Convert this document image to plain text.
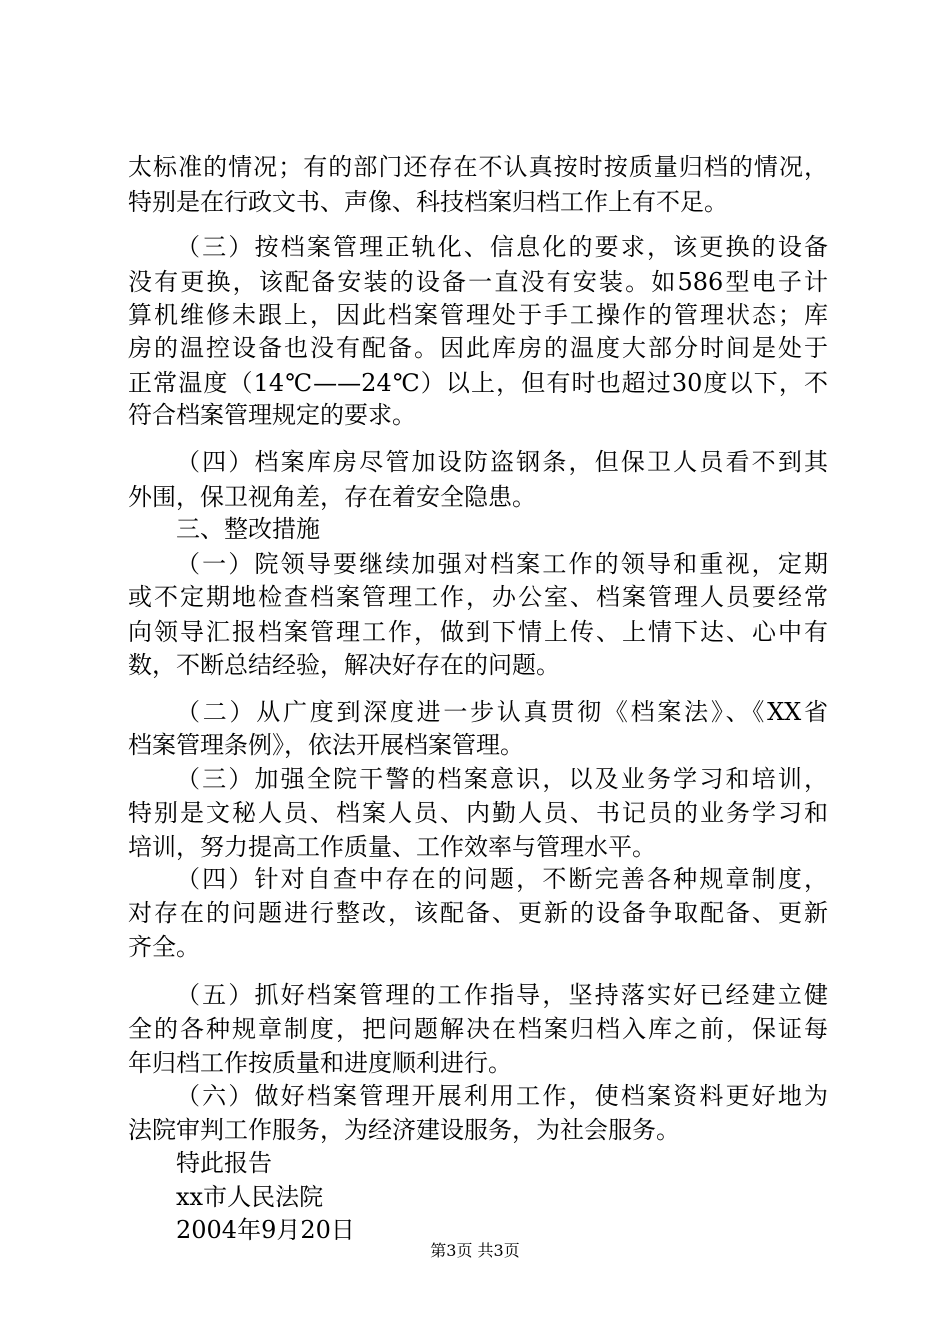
太标准的情况；有的部门还存在不认真按时按质量归档的情况，
特别是在行政文书、声像、科技档案归档工作上有不足。
（三）按档案管理正轨化、信息化的要求，该更换的设备
没有更换，该配备安装的设备一直没有安装。如586型电子计
算机维修未跟上，因此档案管理处于手工操作的管理状态；库
房的温控设备也没有配备。因此库房的温度大部分时间是处于
正常温度（14℃——24℃）以上，但有时也超过30度以下，不
符合档案管理规定的要求。
（四）档案库房尽管加设防盗钢条，但保卫人员看不到其
外围，保卫视角差，存在着安全隐患。
三、整改措施
（一）院领导要继续加强对档案工作的领导和重视，定期
或不定期地检查档案管理工作，办公室、档案管理人员要经常
向领导汇报档案管理工作，做到下情上传、上情下达、心中有
数，不断总结经验，解决好存在的问题。
（二）从广度到深度进一步认真贯彻《档案法》、《XX省
档案管理条例》，依法开展档案管理。
（三）加强全院干警的档案意识，以及业务学习和培训，
特别是文秘人员、档案人员、内勤人员、书记员的业务学习和
培训，努力提高工作质量、工作效率与管理水平。
（四）针对自查中存在的问题，不断完善各种规章制度，
对存在的问题进行整改，该配备、更新的设备争取配备、更新
齐全。
（五）抓好档案管理的工作指导，坚持落实好已经建立健
全的各种规章制度，把问题解决在档案归档入库之前，保证每
年归档工作按质量和进度顺利进行。
（六）做好档案管理开展利用工作，使档案资料更好地为
法院审判工作服务，为经济建设服务，为社会服务。
特此报告
xx市人民法院
2004年9月20日
第3页 共3页
